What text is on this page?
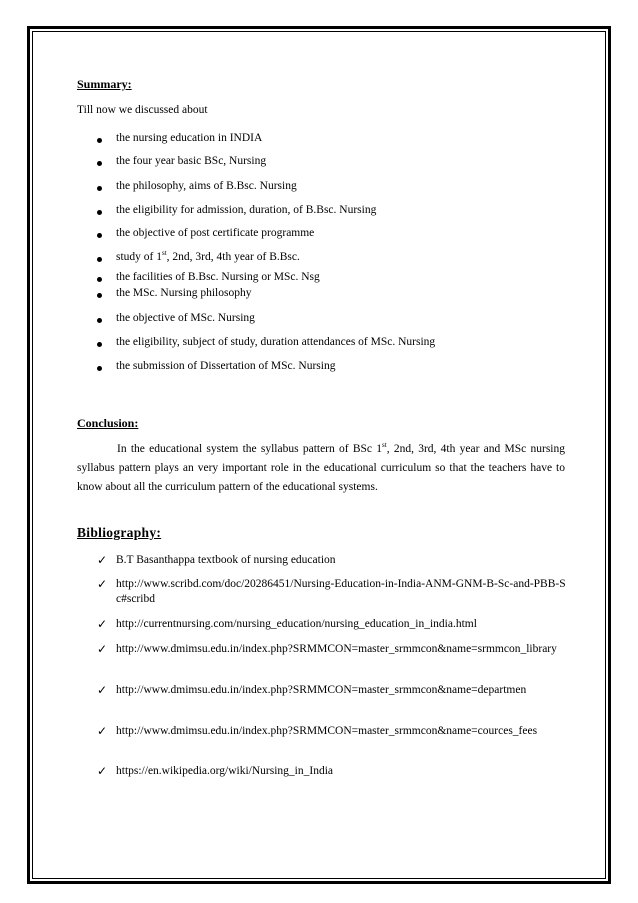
Summary:

Till now we discussed about

the nursing education in INDIA
the four year basic BSc, Nursing
the philosophy, aims of B.Bsc. Nursing
the eligibility for admission, duration, of B.Bsc. Nursing
the objective of post certificate programme
study of 1st, 2nd, 3rd, 4th year of B.Bsc.
the facilities of B.Bsc. Nursing or MSc. Nsg
the MSc. Nursing philosophy
the objective of MSc. Nursing
the eligibility, subject of study, duration attendances of MSc. Nursing
the submission of Dissertation of MSc. Nursing

Conclusion:

In the educational system the syllabus pattern of BSc 1st, 2nd, 3rd, 4th year and MSc nursing syllabus pattern plays an very important role in the educational curriculum so that the teachers have to know about all the curriculum pattern of the educational systems.

Bibliography:

✓ B.T Basanthappa textbook of nursing education
✓ http://www.scribd.com/doc/20286451/Nursing-Education-in-India-ANM-GNM-B-Sc-and-PBB-Sc#scribd
✓ http://currentnursing.com/nursing_education/nursing_education_in_india.html
✓ http://www.dmimsu.edu.in/index.php?SRMMCON=master_srmmcon&name=srmmcon_library
✓ http://www.dmimsu.edu.in/index.php?SRMMCON=master_srmmcon&name=departmen
✓ http://www.dmimsu.edu.in/index.php?SRMMCON=master_srmmcon&name=cources_fees
✓ https://en.wikipedia.org/wiki/Nursing_in_India
